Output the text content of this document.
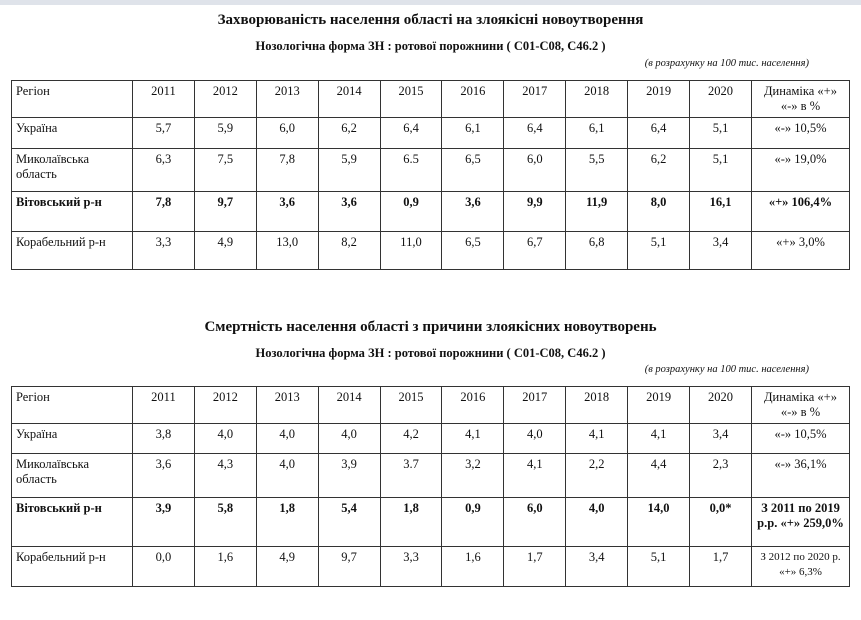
Захворюваність населення області на злоякісні новоутворення
Нозологічна форма ЗН : ротової порожнини ( С01-С08, С46.2 )
(в розрахунку на 100 тис. населення)
Регіон	2011	2012	2013	2014	2015	2016	2017	2018	2019	2020	Динаміка «+» «-» в %
Україна	5,7	5,9	6,0	6,2	6,4	6,1	6,4	6,1	6,4	5,1	«-» 10,5%
Миколаївська область	6,3	7,5	7,8	5,9	6.5	6,5	6,0	5,5	6,2	5,1	«-» 19,0%
Вітовський р-н	7,8	9,7	3,6	3,6	0,9	3,6	9,9	11,9	8,0	16,1	«+» 106,4%
Корабельний р-н	3,3	4,9	13,0	8,2	11,0	6,5	6,7	6,8	5,1	3,4	«+» 3,0%
Смертність населення області з причини злоякісних новоутворень
Нозологічна форма ЗН : ротової порожнини ( С01-С08, С46.2 )
(в розрахунку на 100 тис. населення)
Регіон	2011	2012	2013	2014	2015	2016	2017	2018	2019	2020	Динаміка «+» «-» в %
Україна	3,8	4,0	4,0	4,0	4,2	4,1	4,0	4,1	4,1	3,4	«-» 10,5%
Миколаївська область	3,6	4,3	4,0	3,9	3.7	3,2	4,1	2,2	4,4	2,3	«-» 36,1%
Вітовський р-н	3,9	5,8	1,8	5,4	1,8	0,9	6,0	4,0	14,0	0,0*	З 2011 по 2019 р.р. «+» 259,0%
Корабельний р-н	0,0	1,6	4,9	9,7	3,3	1,6	1,7	3,4	5,1	1,7	З 2012 по 2020 р. «+» 6,3%
